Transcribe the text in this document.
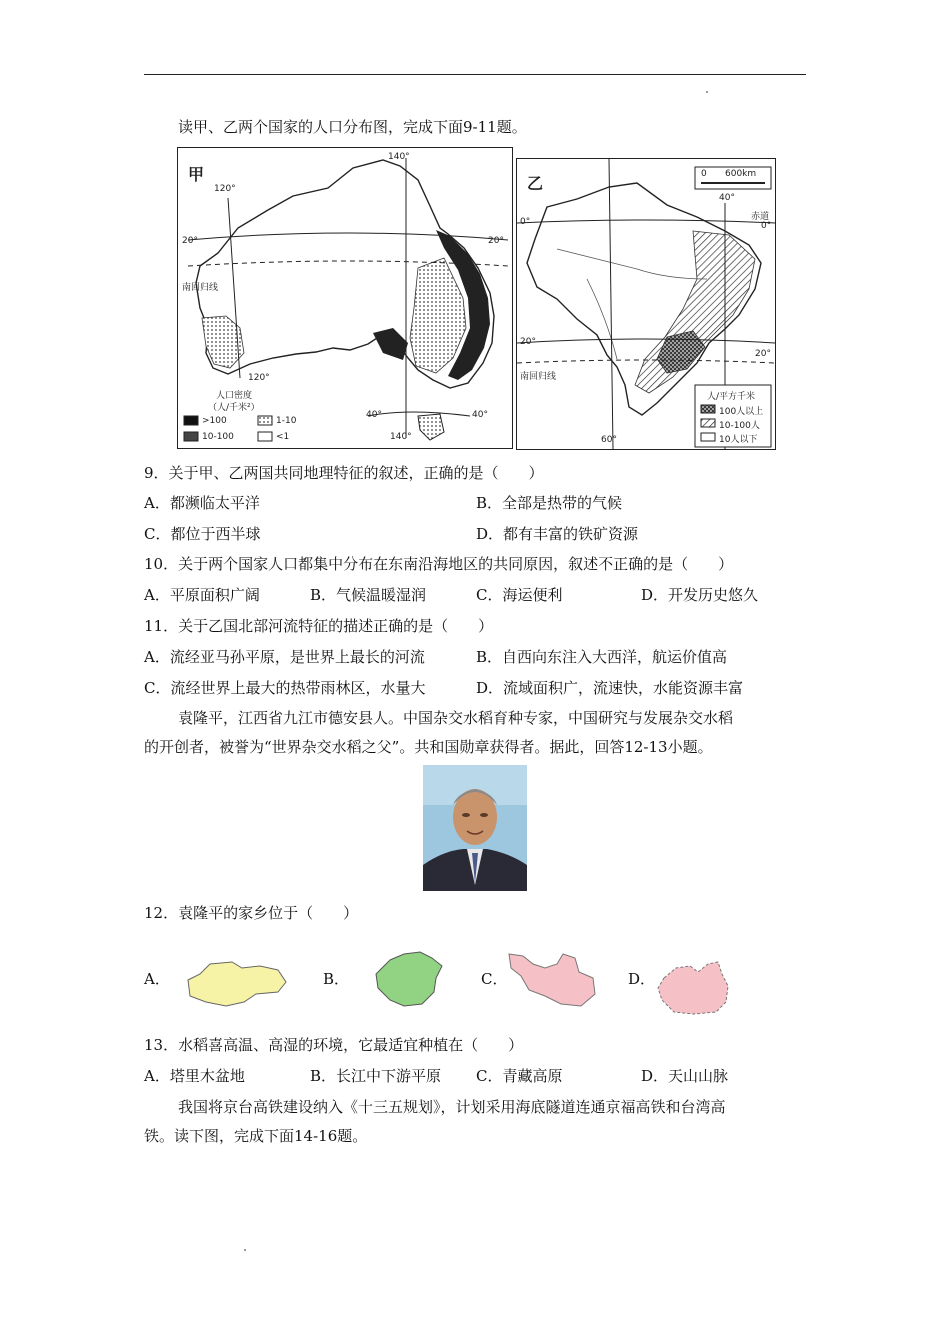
读甲、乙两个国家的人口分布图，完成下面9-11题。
甲
120°
140°
20°	20°
南回归线
120°
人口密度
（人/千米²）
40°	40°
140°
>100	1-10
10-100	<1
乙	0 600km
40°
赤道
0°	0°
20°
20°
南回归线
60°
人/平方千米
100人以上
10-100人
10人以下
9．关于甲、乙两国共同地理特征的叙述，正确的是（　　）
A．都濒临太平洋	B．全部是热带的气候
C．都位于西半球	D．都有丰富的铁矿资源
10．关于两个国家人口都集中分布在东南沿海地区的共同原因，叙述不正确的是（　　）
A．平原面积广阔	B．气候温暖湿润	C．海运便利	D．开发历史悠久
11．关于乙国北部河流特征的描述正确的是（　　）
A．流经亚马孙平原，是世界上最长的河流	B．自西向东注入大西洋，航运价值高
C．流经世界上最大的热带雨林区，水量大	D．流域面积广，流速快，水能资源丰富
袁隆平，江西省九江市德安县人。中国杂交水稻育种专家，中国研究与发展杂交水稻
的开创者，被誉为“世界杂交水稻之父”。共和国勋章获得者。据此，回答12-13小题。
12．袁隆平的家乡位于（　　）
A．	B．	C．	D．
13．水稻喜高温、高湿的环境，它最适宜种植在（　　）
A．塔里木盆地	B．长江中下游平原 C．青藏高原	D．天山山脉
我国将京台高铁建设纳入《十三五规划》，计划采用海底隧道连通京福高铁和台湾高
铁。读下图，完成下面14-16题。
